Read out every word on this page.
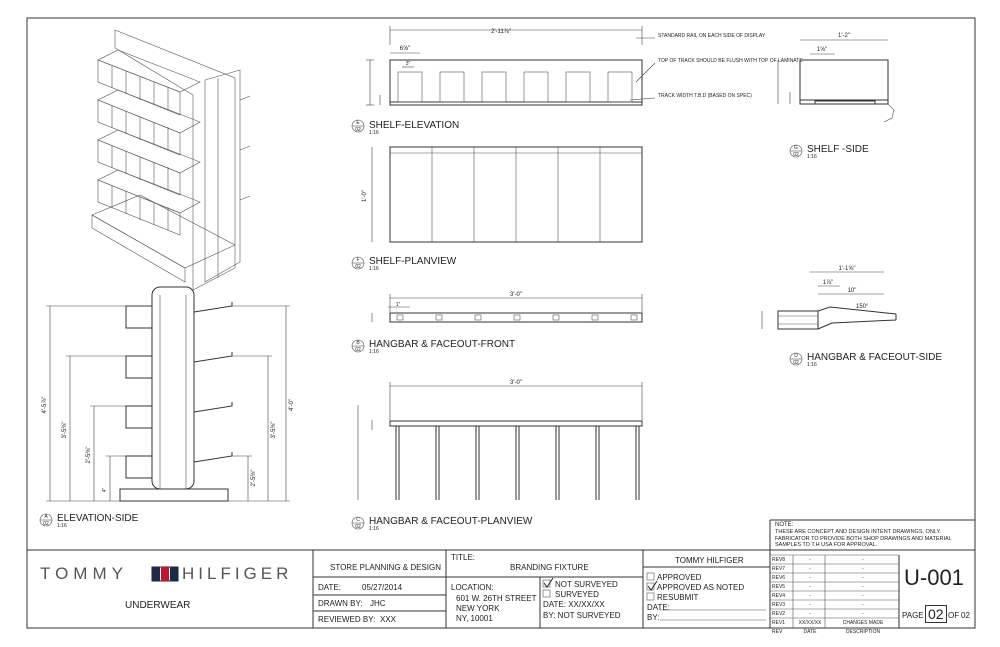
2'-11⅞"
6⅝"
3"
STANDARD RAIL ON EACH SIDE OF DISPLAY
TOP OF TRACK SHOULD BE FLUSH WITH TOP OF LAMINATE
TRACK WIDTH T.B.D (BASED ON SPEC)
E
02 SHELF-ELEVATION
1:16
1'-0"
F
02 SHELF-PLANVIEW
1:16
1'-2"
1⅝"
G
02 SHELF -SIDE
1:16
3'-0"
1"
B
02 HANGBAR & FACEOUT-FRONT
1:16
1'-1⅝"
1⅞"
10"
150°
D
02 HANGBAR & FACEOUT-SIDE
1:16
3'-0"
C
02 HANGBAR & FACEOUT-PLANVIEW
1:16
4'-5⅞"
3'-5⅜"
2'-5⅜"
4"
4'-0"
3'-5⅜"
2'-5⅜"
A
02 ELEVATION-SIDE
1:16
TOMMY	HILFIGER
UNDERWEAR
STORE PLANNING & DESIGN
DATE:	05/27/2014
DRAWN BY: JHC
REVIEWED BY: XXX
TITLE:
BRANDING FIXTURE
LOCATION:
601 W. 26TH STREET
NEW YORK
NY, 10001
NOT SURVEYED
SURVEYED
DATE: XX/XX/XX
BY: NOT SURVEYED
TOMMY HILFIGER
APPROVED
APPROVED AS NOTED
RESUBMIT
DATE:
BY:
NOTE:
THESE ARE CONCEPT AND DESIGN INTENT DRAWINGS, ONLY. FABRICATOR TO PROVIDE BOTH SHOP DRAWINGS AND MATERIAL SAMPLES TO T.H USA FOR APPROVAL.
REV8
REV7
REV6
REV5
REV4
REV3
REV2
REV1
REV
-
-
-
-
-
-
-
XX/XX/XX
DATE
-
-
-
-
-
-
-
CHANGES MADE
DESCRIPTION
U-001
PAGE 02 OF 02
